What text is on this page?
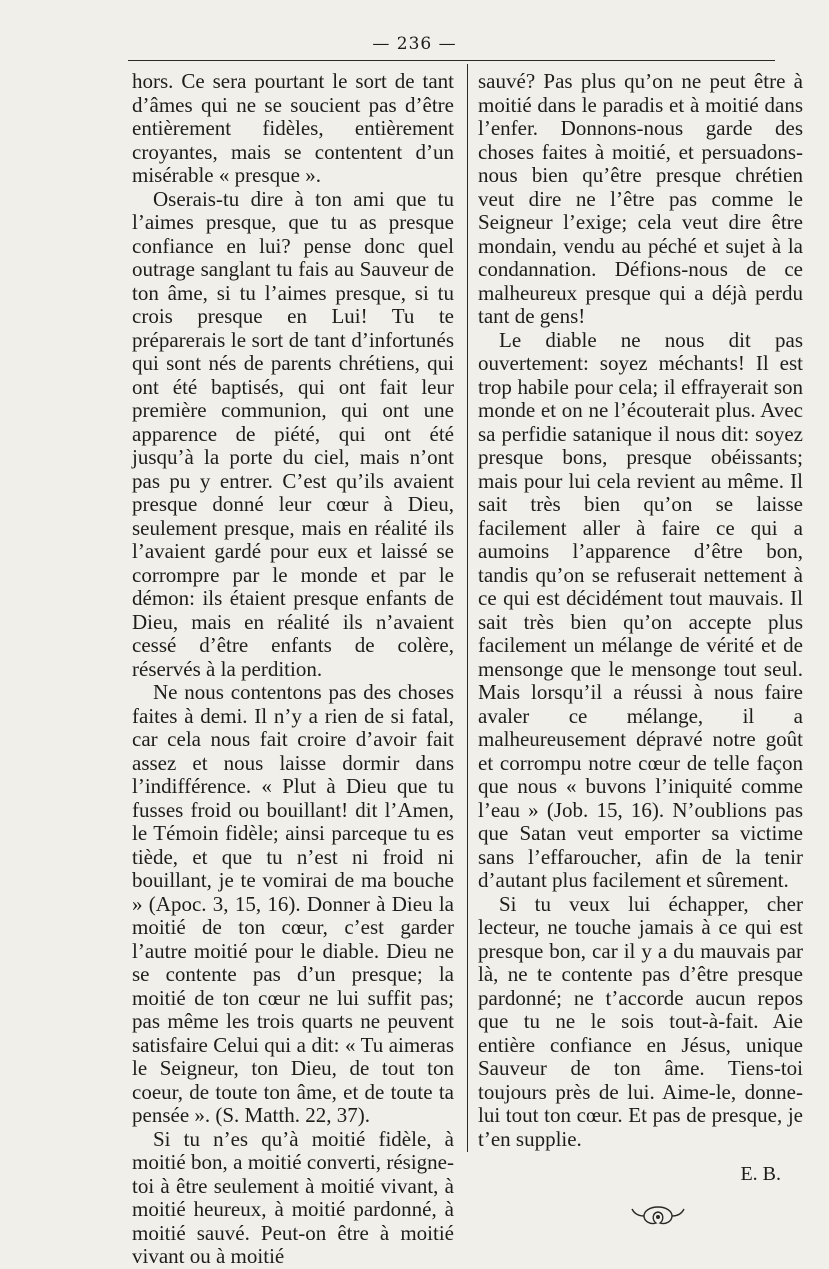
— 236 —

hors. Ce sera pourtant le sort de tant d’âmes qui ne se soucient pas d’être entièrement fidèles, entièrement croyantes, mais se contentent d’un misérable « presque ».

Oserais-tu dire à ton ami que tu l’aimes presque, que tu as presque confiance en lui? pense donc quel outrage sanglant tu fais au Sauveur de ton âme, si tu l’aimes presque, si tu crois presque en Lui! Tu te préparerais le sort de tant d’infortunés qui sont nés de parents chrétiens, qui ont été baptisés, qui ont fait leur première communion, qui ont une apparence de piété, qui ont été jusqu’à la porte du ciel, mais n’ont pas pu y entrer. C’est qu’ils avaient presque donné leur cœur à Dieu, seulement presque, mais en réalité ils l’avaient gardé pour eux et laissé se corrompre par le monde et par le démon: ils étaient presque enfants de Dieu, mais en réalité ils n’avaient cessé d’être enfants de colère, réservés à la perdition.

Ne nous contentons pas des choses faites à demi. Il n’y a rien de si fatal, car cela nous fait croire d’avoir fait assez et nous laisse dormir dans l’indifférence. « Plut à Dieu que tu fusses froid ou bouillant! dit l’Amen, le Témoin fidèle; ainsi parceque tu es tiède, et que tu n’est ni froid ni bouillant, je te vomirai de ma bouche » (Apoc. 3, 15, 16). Donner à Dieu la moitié de ton cœur, c’est garder l’autre moitié pour le diable. Dieu ne se contente pas d’un presque; la moitié de ton cœur ne lui suffit pas; pas même les trois quarts ne peuvent satisfaire Celui qui a dit: « Tu aimeras le Seigneur, ton Dieu, de tout ton coeur, de toute ton âme, et de toute ta pensée ». (S. Matth. 22, 37).

Si tu n’es qu’à moitié fidèle, à moitié bon, a moitié converti, résigne-toi à être seulement à moitié vivant, à moitié heureux, à moitié pardonné, à moitié sauvé. Peut-on être à moitié vivant ou à moitié

sauvé? Pas plus qu’on ne peut être à moitié dans le paradis et à moitié dans l’enfer. Donnons-nous garde des choses faites à moitié, et persuadons-nous bien qu’être presque chrétien veut dire ne l’être pas comme le Seigneur l’exige; cela veut dire être mondain, vendu au péché et sujet à la condannation. Défions-nous de ce malheureux presque qui a déjà perdu tant de gens!

Le diable ne nous dit pas ouvertement: soyez méchants! Il est trop habile pour cela; il effrayerait son monde et on ne l’écouterait plus. Avec sa perfidie satanique il nous dit: soyez presque bons, presque obéissants; mais pour lui cela revient au même. Il sait très bien qu’on se laisse facilement aller à faire ce qui a aumoins l’apparence d’être bon, tandis qu’on se refuserait nettement à ce qui est décidément tout mauvais. Il sait très bien qu’on accepte plus facilement un mélange de vérité et de mensonge que le mensonge tout seul. Mais lorsqu’il a réussi à nous faire avaler ce mélange, il a malheureusement dépravé notre goût et corrompu notre cœur de telle façon que nous « buvons l’iniquité comme l’eau » (Job. 15, 16). N’oublions pas que Satan veut emporter sa victime sans l’effaroucher, afin de la tenir d’autant plus facilement et sûrement.

Si tu veux lui échapper, cher lecteur, ne touche jamais à ce qui est presque bon, car il y a du mauvais par là, ne te contente pas d’être presque pardonné; ne t’accorde aucun repos que tu ne le sois tout-à-fait. Aie entière confiance en Jésus, unique Sauveur de ton âme. Tiens-toi toujours près de lui. Aime-le, donne-lui tout ton cœur. Et pas de presque, je t’en supplie.

E. B.
